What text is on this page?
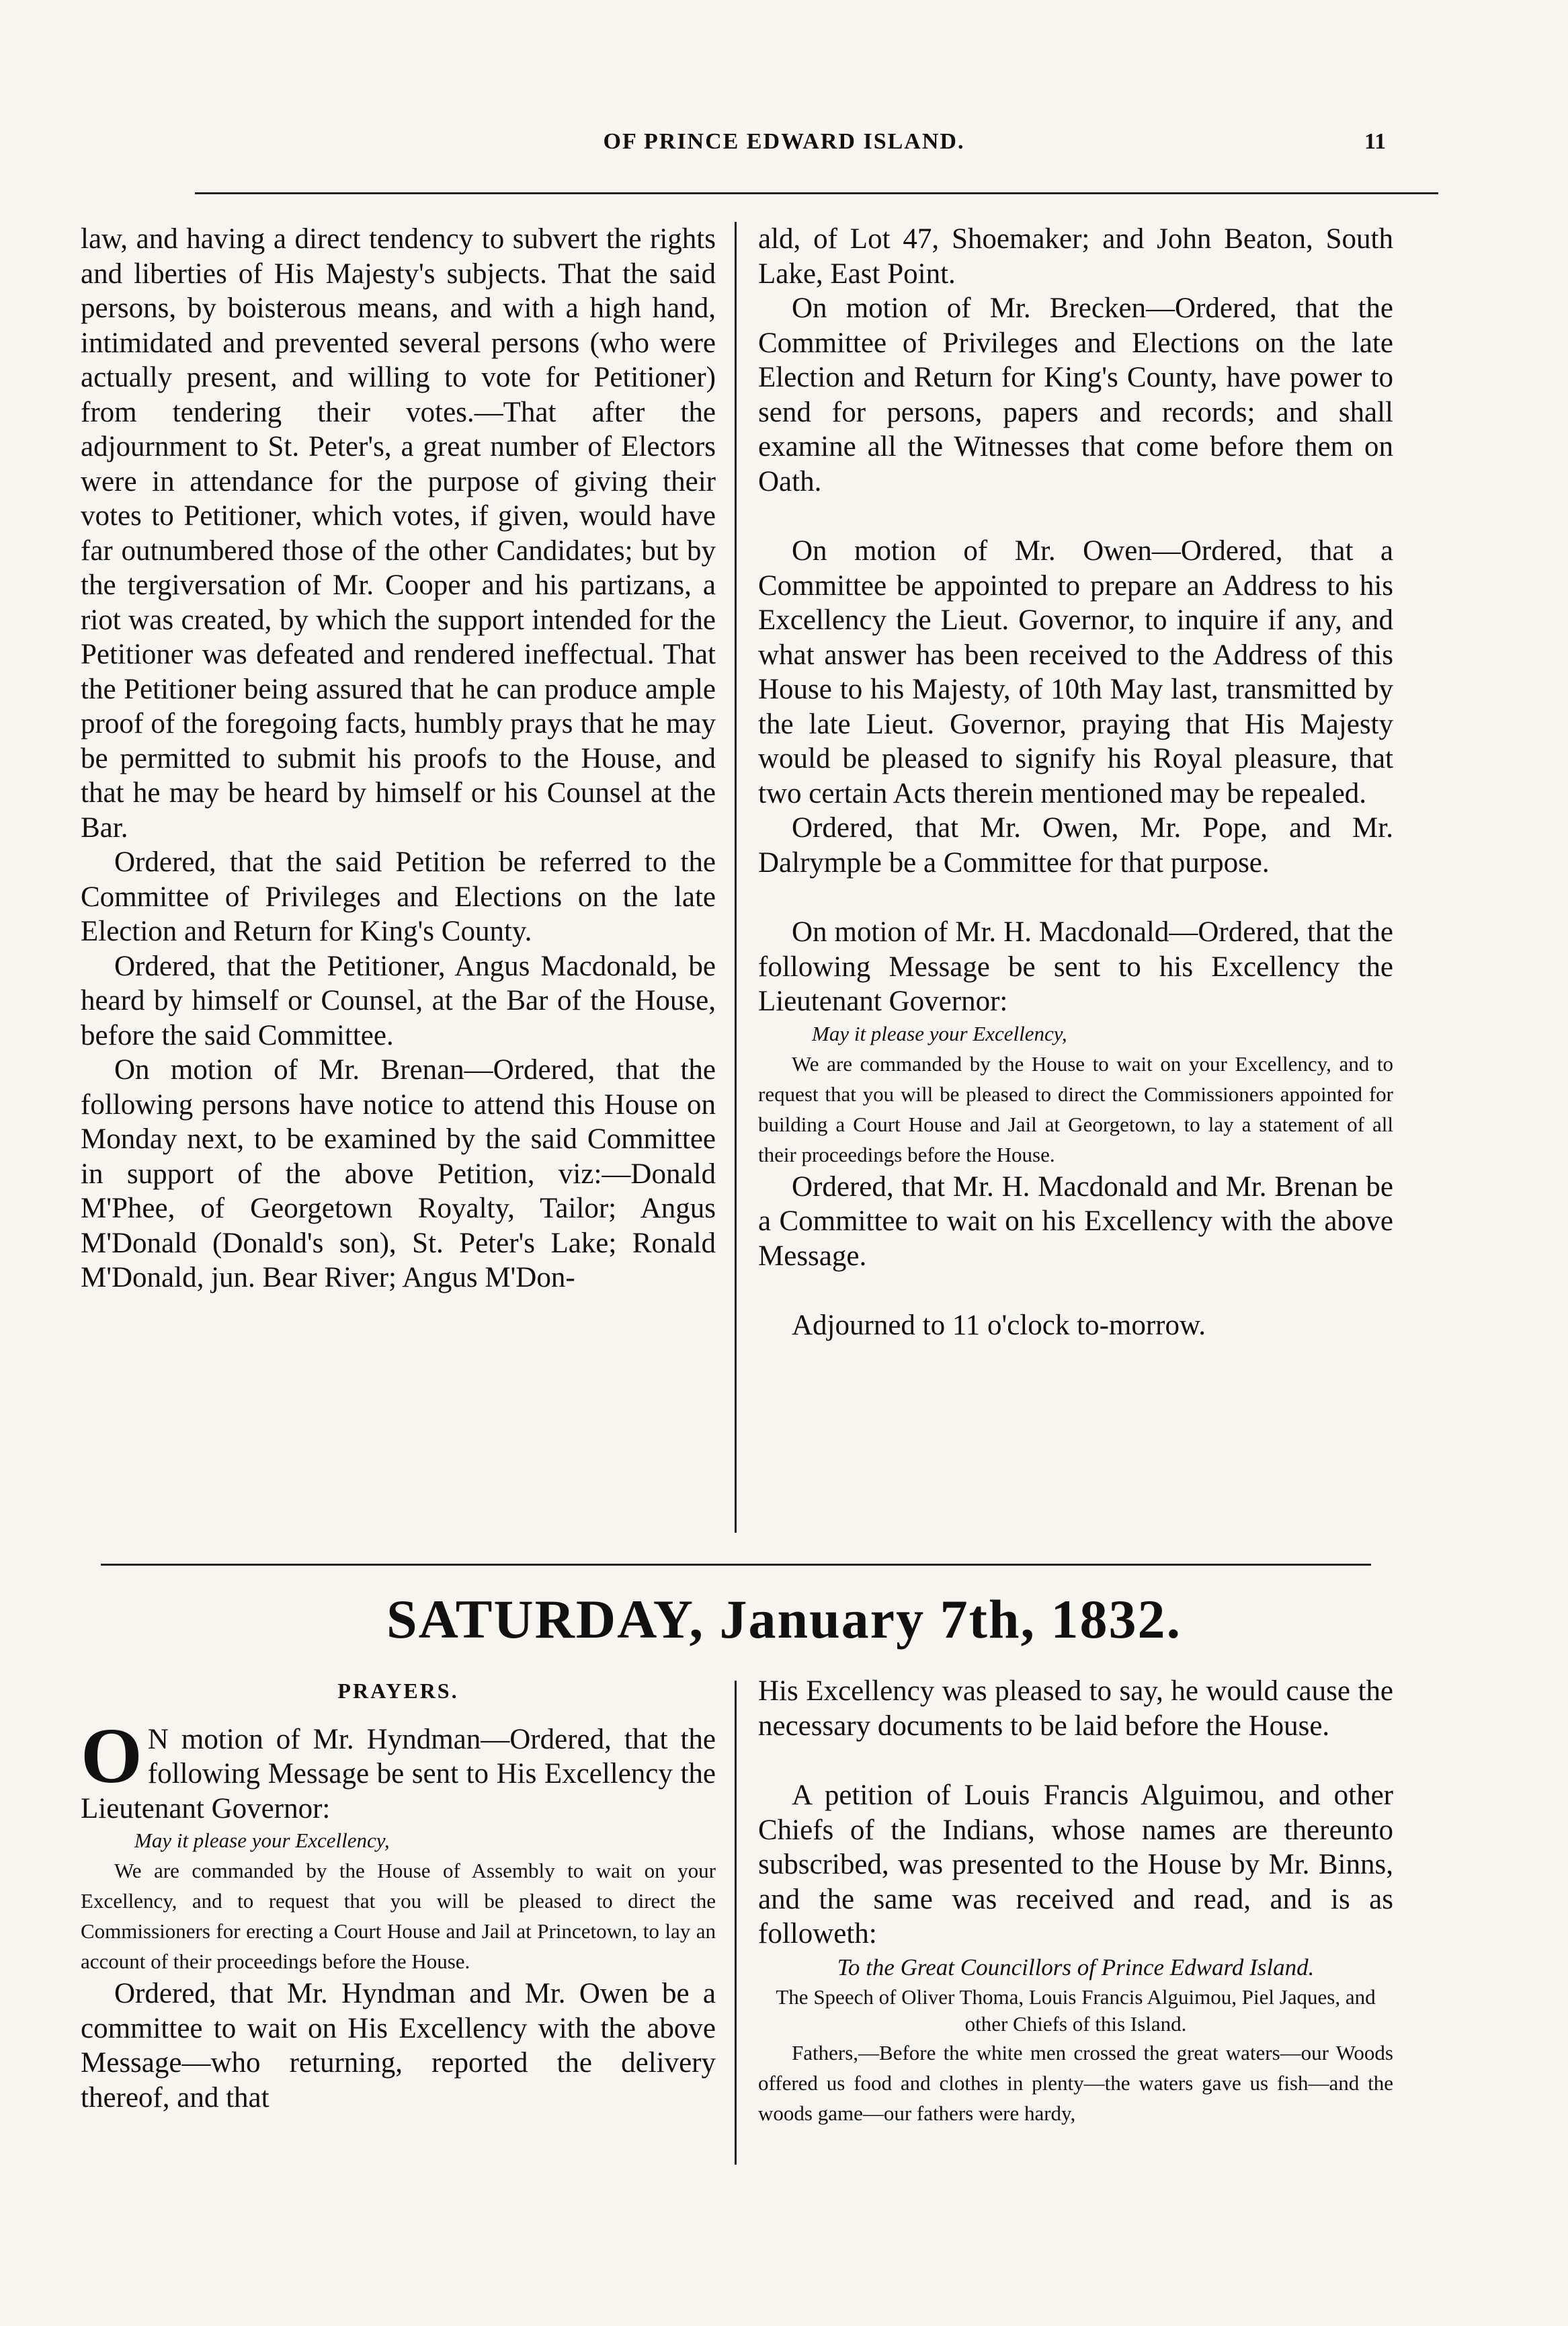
OF PRINCE EDWARD ISLAND.	11

law, and having a direct tendency to subvert the rights and liberties of His Majesty's subjects. That the said persons, by boisterous means, and with a high hand, intimidated and prevented several persons (who were actually present, and willing to vote for Petitioner) from tendering their votes.—That after the adjournment to St. Peter's, a great number of Electors were in attendance for the purpose of giving their votes to Petitioner, which votes, if given, would have far outnumbered those of the other Candidates; but by the tergiversation of Mr. Cooper and his partizans, a riot was created, by which the support intended for the Petitioner was defeated and rendered ineffectual. That the Petitioner being assured that he can produce ample proof of the foregoing facts, humbly prays that he may be permitted to submit his proofs to the House, and that he may be heard by himself or his Counsel at the Bar.

Ordered, that the said Petition be referred to the Committee of Privileges and Elections on the late Election and Return for King's County.

Ordered, that the Petitioner, Angus Macdonald, be heard by himself or Counsel, at the Bar of the House, before the said Committee.

On motion of Mr. Brenan—Ordered, that the following persons have notice to attend this House on Monday next, to be examined by the said Committee in support of the above Petition, viz:—Donald M'Phee, of Georgetown Royalty, Tailor; Angus M'Donald (Donald's son), St. Peter's Lake; Ronald M'Donald, jun. Bear River; Angus M'Don-

ald, of Lot 47, Shoemaker; and John Beaton, South Lake, East Point.

On motion of Mr. Brecken—Ordered, that the Committee of Privileges and Elections on the late Election and Return for King's County, have power to send for persons, papers and records; and shall examine all the Witnesses that come before them on Oath.

On motion of Mr. Owen—Ordered, that a Committee be appointed to prepare an Address to his Excellency the Lieut. Governor, to inquire if any, and what answer has been received to the Address of this House to his Majesty, of 10th May last, transmitted by the late Lieut. Governor, praying that His Majesty would be pleased to signify his Royal pleasure, that two certain Acts therein mentioned may be repealed.

Ordered, that Mr. Owen, Mr. Pope, and Mr. Dalrymple be a Committee for that purpose.

On motion of Mr. H. Macdonald—Ordered, that the following Message be sent to his Excellency the Lieutenant Governor:

May it please your Excellency,

We are commanded by the House to wait on your Excellency, and to request that you will be pleased to direct the Commissioners appointed for building a Court House and Jail at Georgetown, to lay a statement of all their proceedings before the House.

Ordered, that Mr. H. Macdonald and Mr. Brenan be a Committee to wait on his Excellency with the above Message.

Adjourned to 11 o'clock to-morrow.

SATURDAY, January 7th, 1832.
PRAYERS.

O N motion of Mr. Hyndman—Ordered, that the following Message be sent to His Excellency the Lieutenant Governor:

May it please your Excellency,

We are commanded by the House of Assembly to wait on your Excellency, and to request that you will be pleased to direct the Commissioners for erecting a Court House and Jail at Princetown, to lay an account of their proceedings before the House.

Ordered, that Mr. Hyndman and Mr. Owen be a committee to wait on His Excellency with the above Message—who returning, reported the delivery thereof, and that

His Excellency was pleased to say, he would cause the necessary documents to be laid before the House.

A petition of Louis Francis Alguimou, and other Chiefs of the Indians, whose names are thereunto subscribed, was presented to the House by Mr. Binns, and the same was received and read, and is as followeth:

To the Great Councillors of Prince Edward Island.

The Speech of Oliver Thoma, Louis Francis Alguimou, Piel Jaques, and other Chiefs of this Island.

Fathers,—Before the white men crossed the great waters—our Woods offered us food and clothes in plenty—the waters gave us fish—and the woods game—our fathers were hardy,
